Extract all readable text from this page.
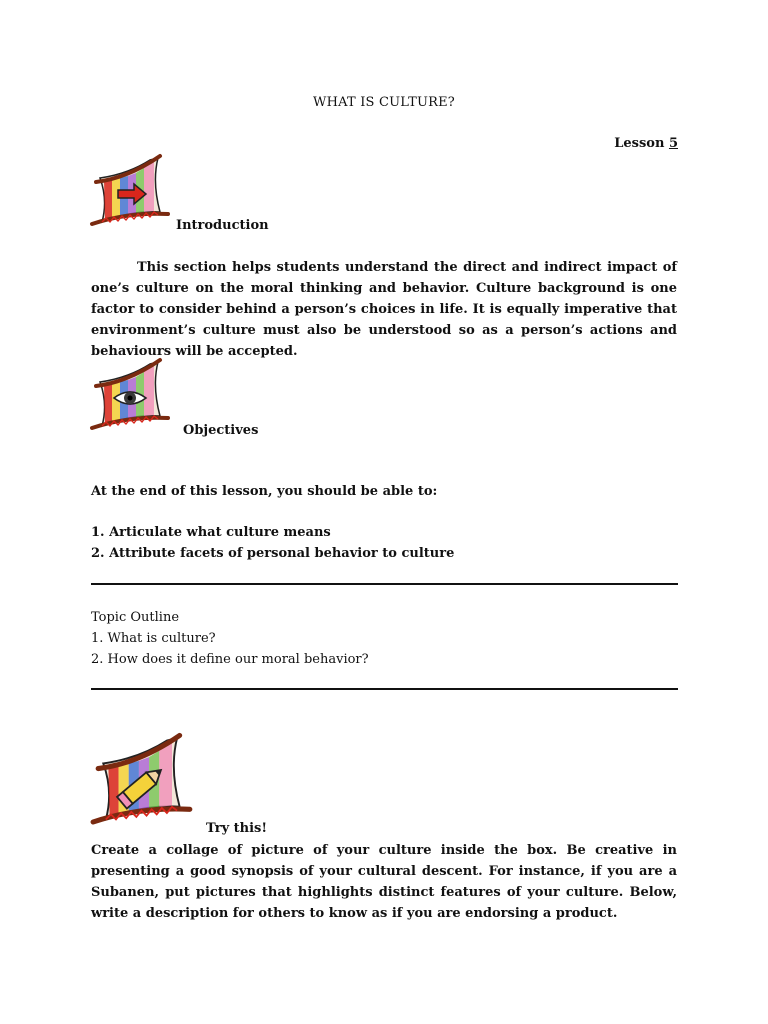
WHAT IS CULTURE?
Lesson 5
Introduction
This section helps students understand the direct and indirect impact of one’s culture on the moral thinking and behavior. Culture background is one factor to consider behind a person’s choices in life. It is equally imperative that environment’s culture must also be understood so as a person’s actions and behaviours will be accepted.
Objectives
At the end of this lesson, you should be able to:
1. Articulate what culture means
2. Attribute facets of personal behavior to culture
Topic Outline
1. What is culture?
2. How does it define our moral behavior?
Try this!
Create a collage of picture of your culture inside the box. Be creative in presenting a good synopsis of your cultural descent. For instance, if you are a Subanen, put pictures that highlights distinct features of your culture. Below, write a description for others to know as if you are endorsing a product.
